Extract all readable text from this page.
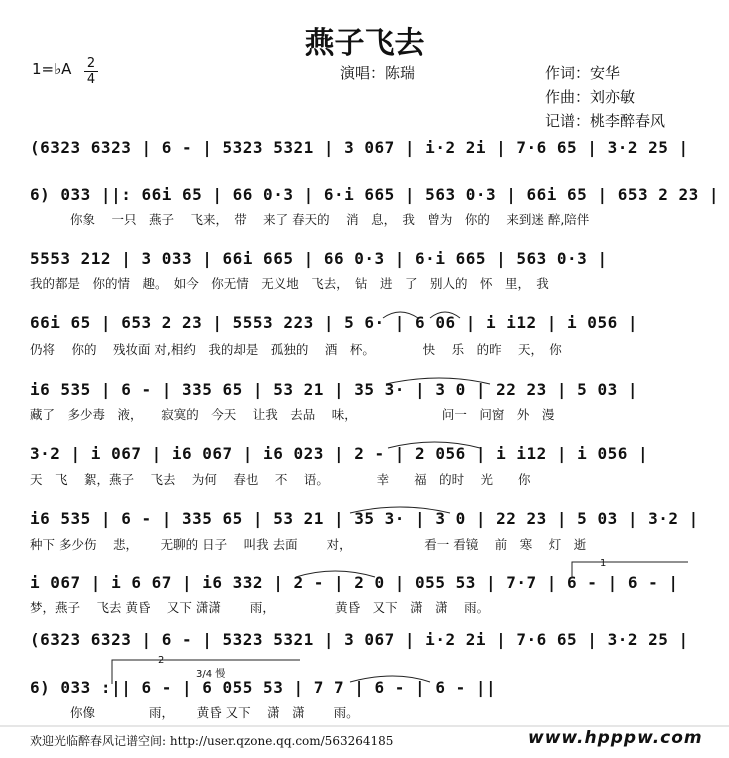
燕子飞去
1=♭A 2
4	演唱：陈瑞	作词：安华
作曲：刘亦敏
记谱：桃李醉春风
(6323 6323 | 6 - | 5323 5321 | 3 067 | i·2 2i | 7·6 65 | 3·2 25 |
6) 033 ||: 66i 65 | 66 0·3 | 6·i 665 | 563 0·3 | 66i 65 | 653 2 23 |
你象　 一只　燕子　 飞来，　带　 来了 春天的　 消　息，　我　曾为　你的　 来到迷 醉,陪伴
5553 212 | 3 033 | 66i 665 | 66 0·3 | 6·i 665 | 563 0·3 |
我的都是　你的情　趣。　如今　你无情　无义地　飞去，　钻　进　了　别人的　怀　里，　我
66i 65 | 653 2 23 | 5553 223 | 5 6· | 6 06 | i i12 | i 056 |
仍将　 你的　 残妆面 对,相约　我的却是　孤独的　 酒　杯。　　　　 快　 乐　的昨　 天，　你
i6 535 | 6 - | 335 65 | 53 21 | 35 3· | 3 0 | 22 23 | 5 03 |
藏了　多少毒　液，　　寂寞的　今天　 让我　去品　 味，　　　　　　　 问一　问窗　外　漫
3·2 | i 067 | i6 067 | i6 023 | 2 - | 2 056 | i i12 | i 056 |
天　飞　 絮，燕子　 飞去　 为何　 春也　 不　 语。　　　　 幸　　福　的时　 光　　你
i6 535 | 6 - | 335 65 | 53 21 | 35 3· | 3 0 | 22 23 | 5 03 | 3·2 |
种下 多少伤　 悲，　　 无聊的 日子　 叫我 去面　　 对，　　　　　　 看一 看镜　 前　寒　 灯　逝
1
i 067 | i 6 67 | i6 332 | 2 - | 2 0 | 055 53 | 7·7 | 6 - | 6 - |
梦，燕子　 飞去 黄昏　 又下 潇潇　　 雨，　　　　　 黄昏　又下　潇　潇　 雨。
(6323 6323 | 6 - | 5323 5321 | 3 067 | i·2 2i | 7·6 65 | 3·2 25 |
2
3/4 慢
6) 033 :|| 6 - | 6 055 53 | 7 7 | 6 - | 6 - ||
你像　　　　 雨，　　 黄昏 又下　 潇　潇　　 雨。
欢迎光临醉春风记谱空间: http://user.qzone.qq.com/563264185	www.hpppw.com
